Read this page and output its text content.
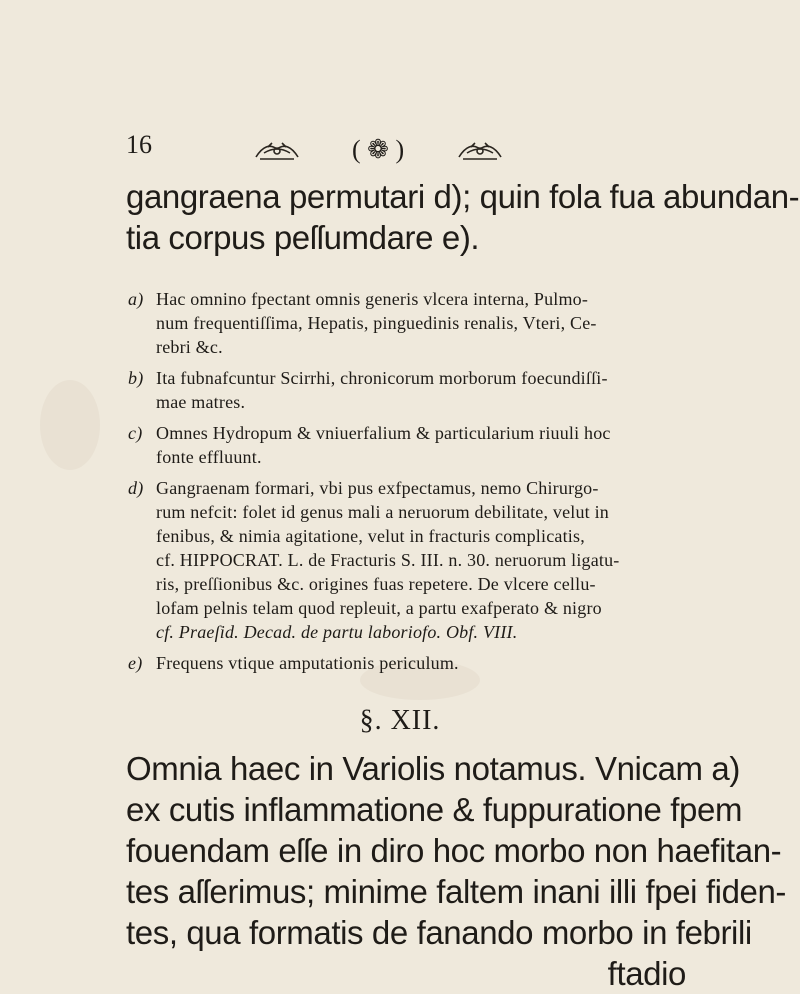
16	( ❁ )
gangraena permutari d); quin fola fua abundan-
tia corpus peſſumdare e).
a) Hac omnino fpectant omnis generis vlcera interna, Pulmo-
num frequentiſſima, Hepatis, pinguedinis renalis, Vteri, Ce-
rebri &c.
b) Ita fubnafcuntur Scirrhi, chronicorum morborum foecundiſſi-
mae matres.
c) Omnes Hydropum & vniuerfalium & particularium riuuli hoc
fonte effluunt.
d) Gangraenam formari, vbi pus exfpectamus, nemo Chirurgo-
rum nefcit: folet id genus mali a neruorum debilitate, velut in
fenibus, & nimia agitatione, velut in fracturis complicatis,
cf. HIPPOCRAT. L. de Fracturis S. III. n. 30. neruorum ligatu-
ris, preſſionibus &c. origines fuas repetere. De vlcere cellu-
lofam pelnis telam quod repleuit, a partu exafperato & nigro
cf. Praeſid. Decad. de partu laboriofo. Obf. VIII.
e) Frequens vtique amputationis periculum.
§. XII.
Omnia haec in Variolis notamus. Vnicam a)
ex cutis inflammatione & fuppuratione fpem
fouendam eſſe in diro hoc morbo non haefitan-
tes aſſerimus; minime faltem inani illi fpei fiden-
tes, qua formatis de fanando morbo in febrili
ftadio
